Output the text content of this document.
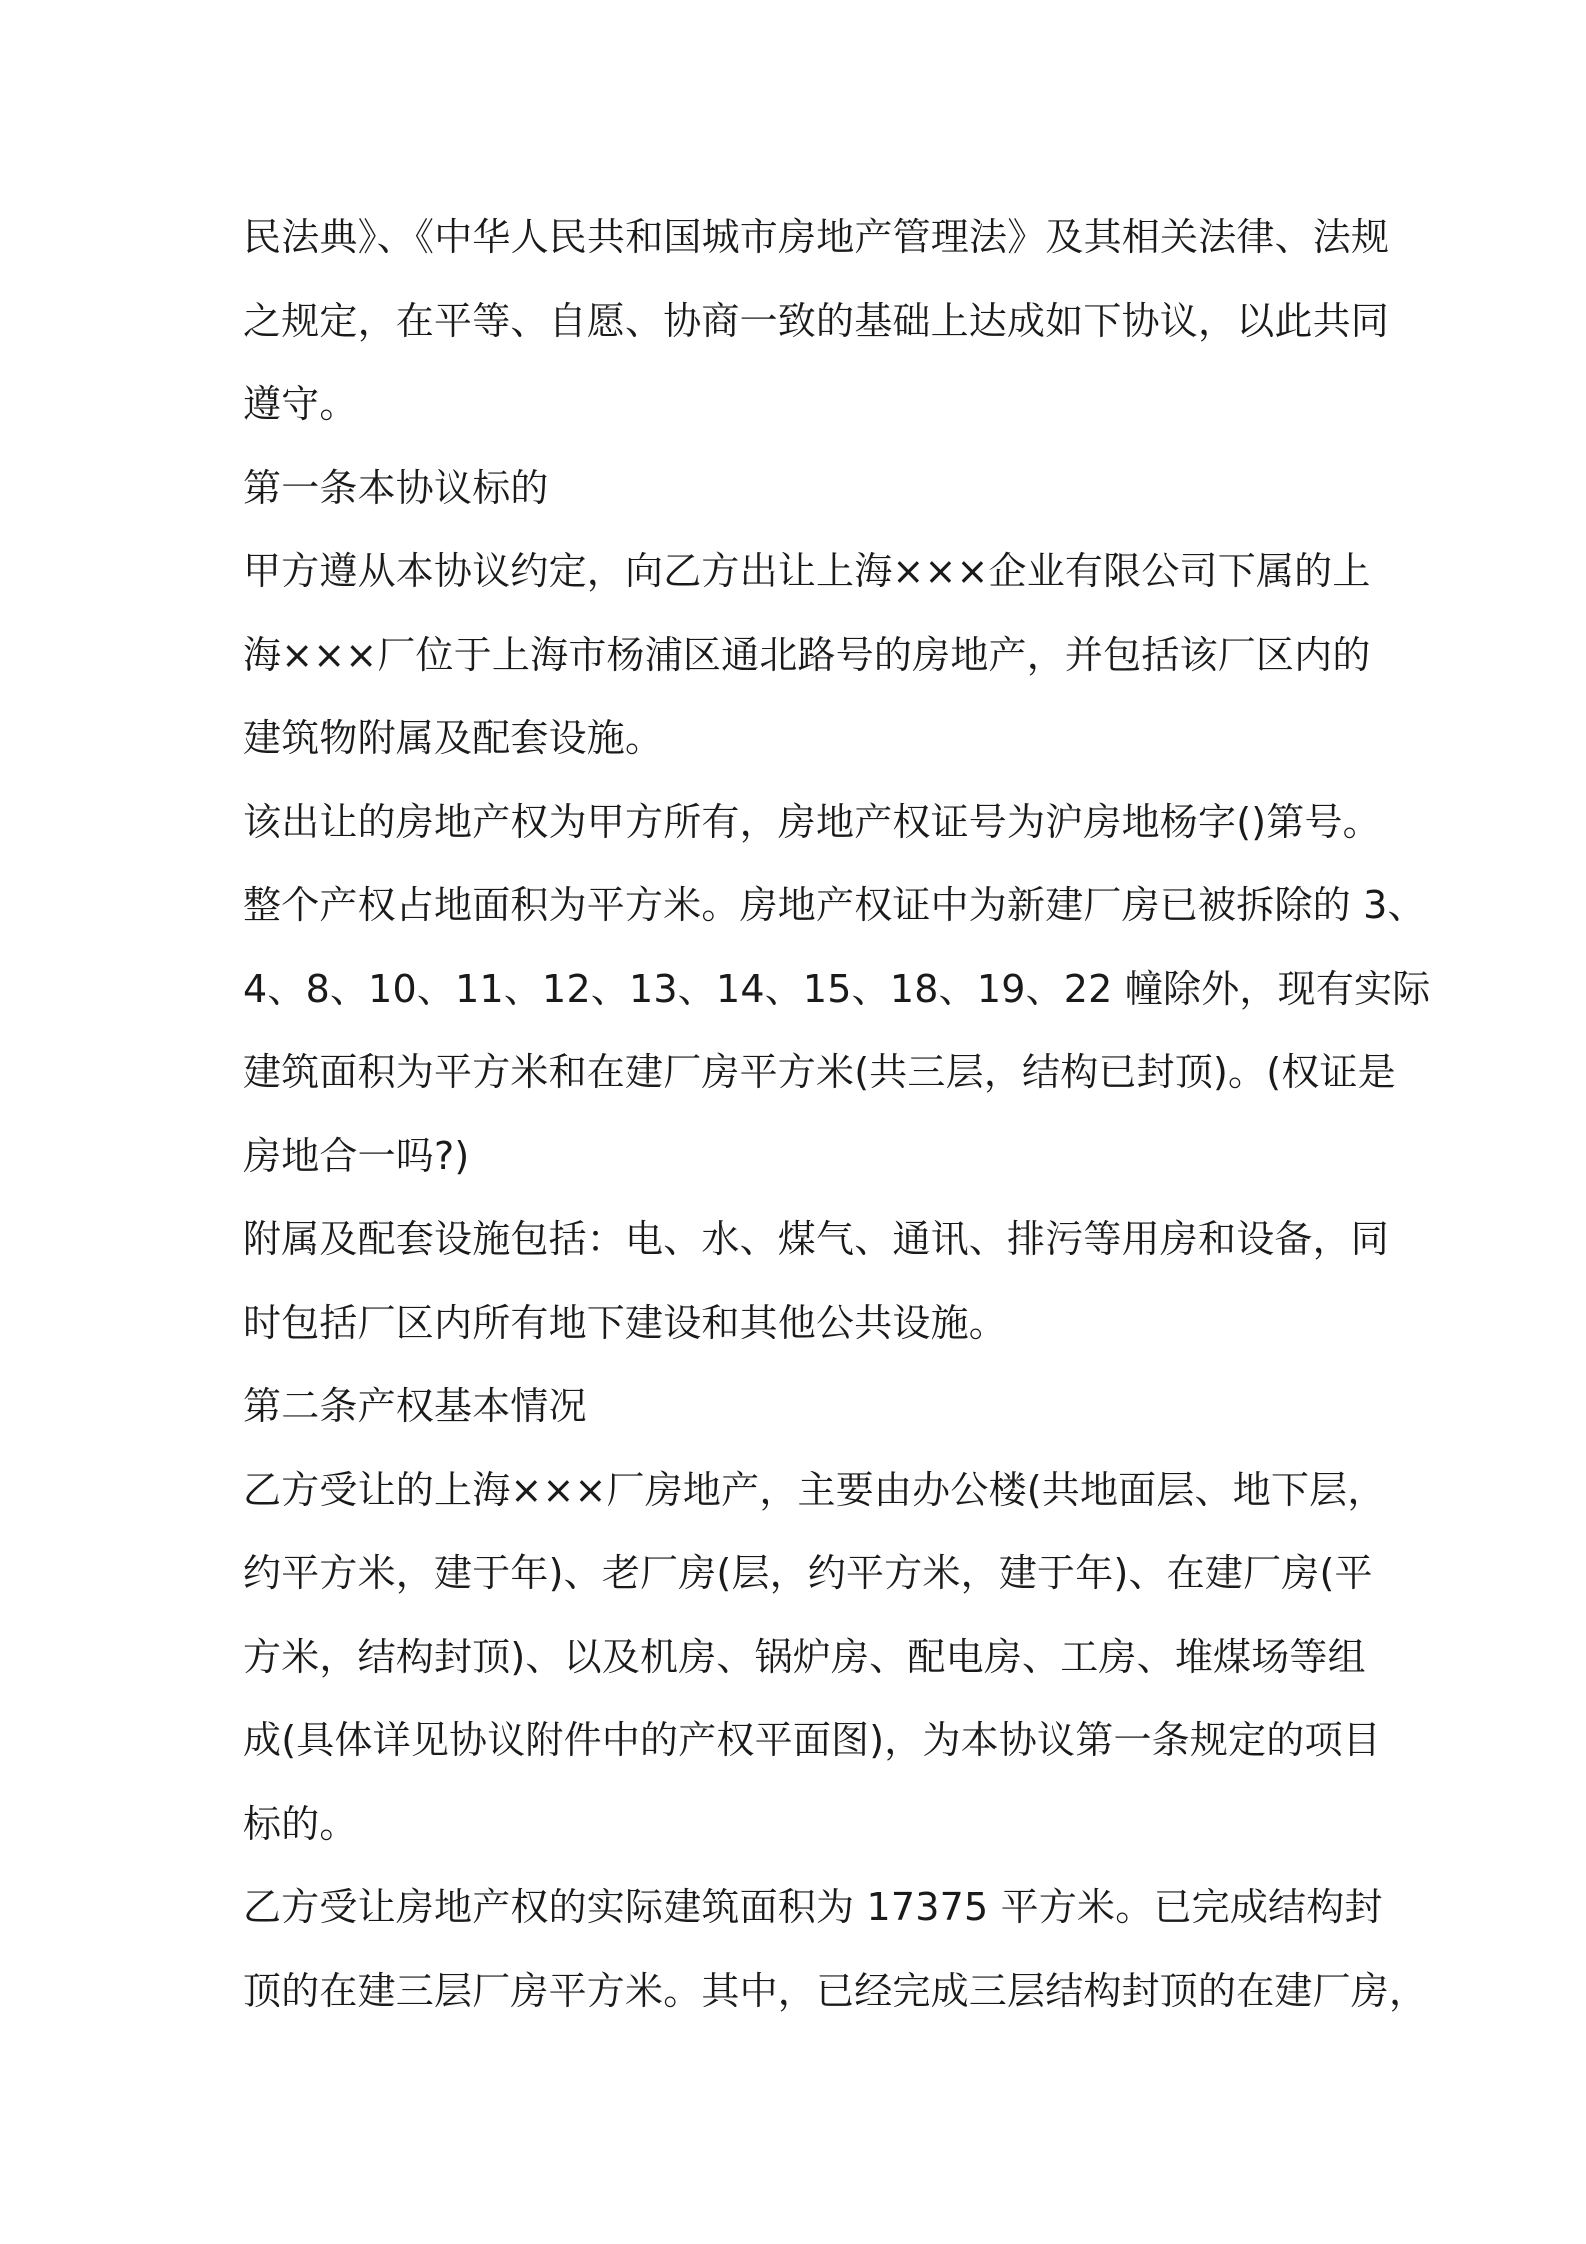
民法典》、《中华人民共和国城市房地产管理法》及其相关法律、法规
之规定，在平等、自愿、协商一致的基础上达成如下协议，以此共同
遵守。
第一条本协议标的
甲方遵从本协议约定，向乙方出让上海×××企业有限公司下属的上
海×××厂位于上海市杨浦区通北路号的房地产，并包括该厂区内的
建筑物附属及配套设施。
该出让的房地产权为甲方所有，房地产权证号为沪房地杨字()第号。
整个产权占地面积为平方米。房地产权证中为新建厂房已被拆除的 3、
4、8、10、11、12、13、14、15、18、19、22 幢除外，现有实际
建筑面积为平方米和在建厂房平方米(共三层，结构已封顶)。(权证是
房地合一吗?)
附属及配套设施包括：电、水、煤气、通讯、排污等用房和设备，同
时包括厂区内所有地下建设和其他公共设施。
第二条产权基本情况
乙方受让的上海×××厂房地产，主要由办公楼(共地面层、地下层，
约平方米，建于年)、老厂房(层，约平方米，建于年)、在建厂房(平
方米，结构封顶)、以及机房、锅炉房、配电房、工房、堆煤场等组
成(具体详见协议附件中的产权平面图)，为本协议第一条规定的项目
标的。
乙方受让房地产权的实际建筑面积为 17375 平方米。已完成结构封
顶的在建三层厂房平方米。其中，已经完成三层结构封顶的在建厂房，
